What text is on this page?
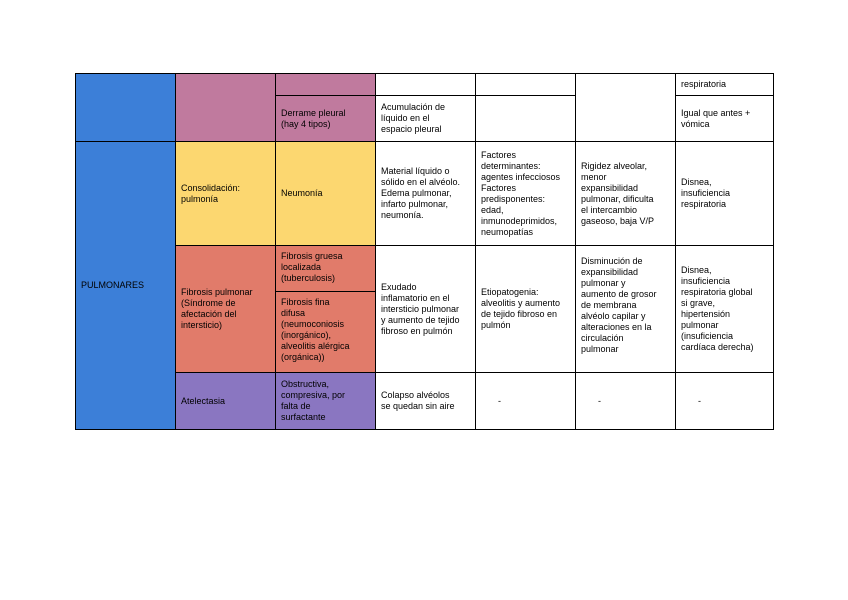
PULMONARES
Consolidación:
pulmonía
Fibrosis pulmonar
(Síndrome de
afectación del
intersticio)
Atelectasia
Derrame pleural
(hay 4 tipos)
Neumonía
Fibrosis gruesa
localizada
(tuberculosis)
Fibrosis fina
difusa
(neumoconiosis
(inorgánico),
alveolitis alérgica
(orgánica))
Obstructiva,
compresiva, por
falta de
surfactante
Acumulación de
líquido en el
espacio pleural
Material líquido o
sólido en el alvéolo.
Edema pulmonar,
infarto pulmonar,
neumonía.
Exudado
inflamatorio en el
intersticio pulmonar
y aumento de tejido
fibroso en pulmón
Colapso alvéolos
se quedan sin aire
Factores
determinantes:
agentes infecciosos
Factores
predisponentes:
edad,
inmunodeprimidos,
neumopatías
Etiopatogenia:
alveolitis y aumento
de tejido fibroso en
pulmón
-
Rigidez alveolar,
menor
expansibilidad
pulmonar, dificulta
el intercambio
gaseoso, baja V/P
Disminución de
expansibilidad
pulmonar y
aumento de grosor
de membrana
alvéolo capilar y
alteraciones en la
circulación
pulmonar
-
respiratoria
Igual que antes +
vómica
Disnea,
insuficiencia
respiratoria
Disnea,
insuficiencia
respiratoria global
si grave,
hipertensión
pulmonar
(insuficiencia
cardíaca derecha)
-
